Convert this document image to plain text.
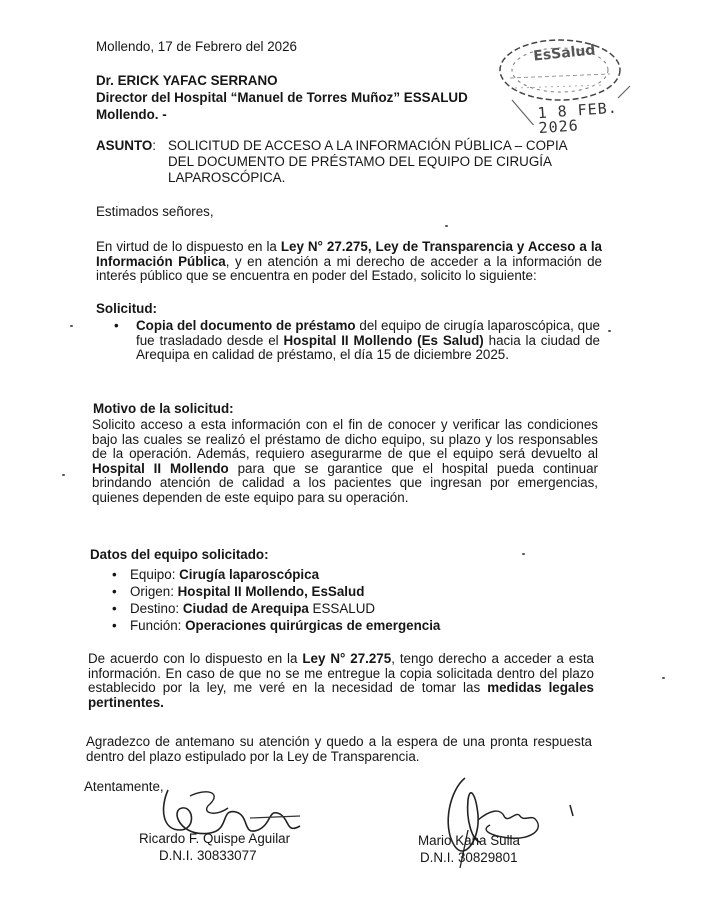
EsSalud
1 8 FEB. 2026

Mollendo, 17 de Febrero del 2026

Dr. ERICK YAFAC SERRANO
Director del Hospital “Manuel de Torres Muñoz” ESSALUD
Mollendo. -
ASUNTO: SOLICITUD DE ACCESO A LA INFORMACIÓN PÚBLICA – COPIA
DEL DOCUMENTO DE PRÉSTAMO DEL EQUIPO DE CIRUGÍA
LAPAROSCÓPICA.

Estimados señores,

En virtud de lo dispuesto en la Ley N° 27.275, Ley de Transparencia y Acceso a la Información Pública, y en atención a mi derecho de acceder a la información de interés público que se encuentra en poder del Estado, solicito lo siguiente:

Solicitud:

• Copia del documento de préstamo del equipo de cirugía laparoscópica, que fue trasladado desde el Hospital II Mollendo (Es Salud) hacia la ciudad de Arequipa en calidad de préstamo, el día 15 de diciembre 2025.

Motivo de la solicitud:

Solicito acceso a esta información con el fin de conocer y verificar las condiciones bajo las cuales se realizó el préstamo de dicho equipo, su plazo y los responsables de la operación. Además, requiero asegurarme de que el equipo será devuelto al Hospital II Mollendo para que se garantice que el hospital pueda continuar brindando atención de calidad a los pacientes que ingresan por emergencias, quienes dependen de este equipo para su operación.

Datos del equipo solicitado:
• Equipo: Cirugía laparoscópica
• Origen: Hospital II Mollendo, EsSalud
• Destino: Ciudad de Arequipa ESSALUD
• Función: Operaciones quirúrgicas de emergencia

De acuerdo con lo dispuesto en la Ley N° 27.275, tengo derecho a acceder a esta información. En caso de que no se me entregue la copia solicitada dentro del plazo establecido por la ley, me veré en la necesidad de tomar las medidas legales pertinentes.

Agradezco de antemano su atención y quedo a la espera de una pronta respuesta dentro del plazo estipulado por la Ley de Transparencia.

Atentamente,

Ricardo F. Quispe Aguilar
D.N.I. 30833077
Mario Kana Sulla
D.N.I. 30829801
